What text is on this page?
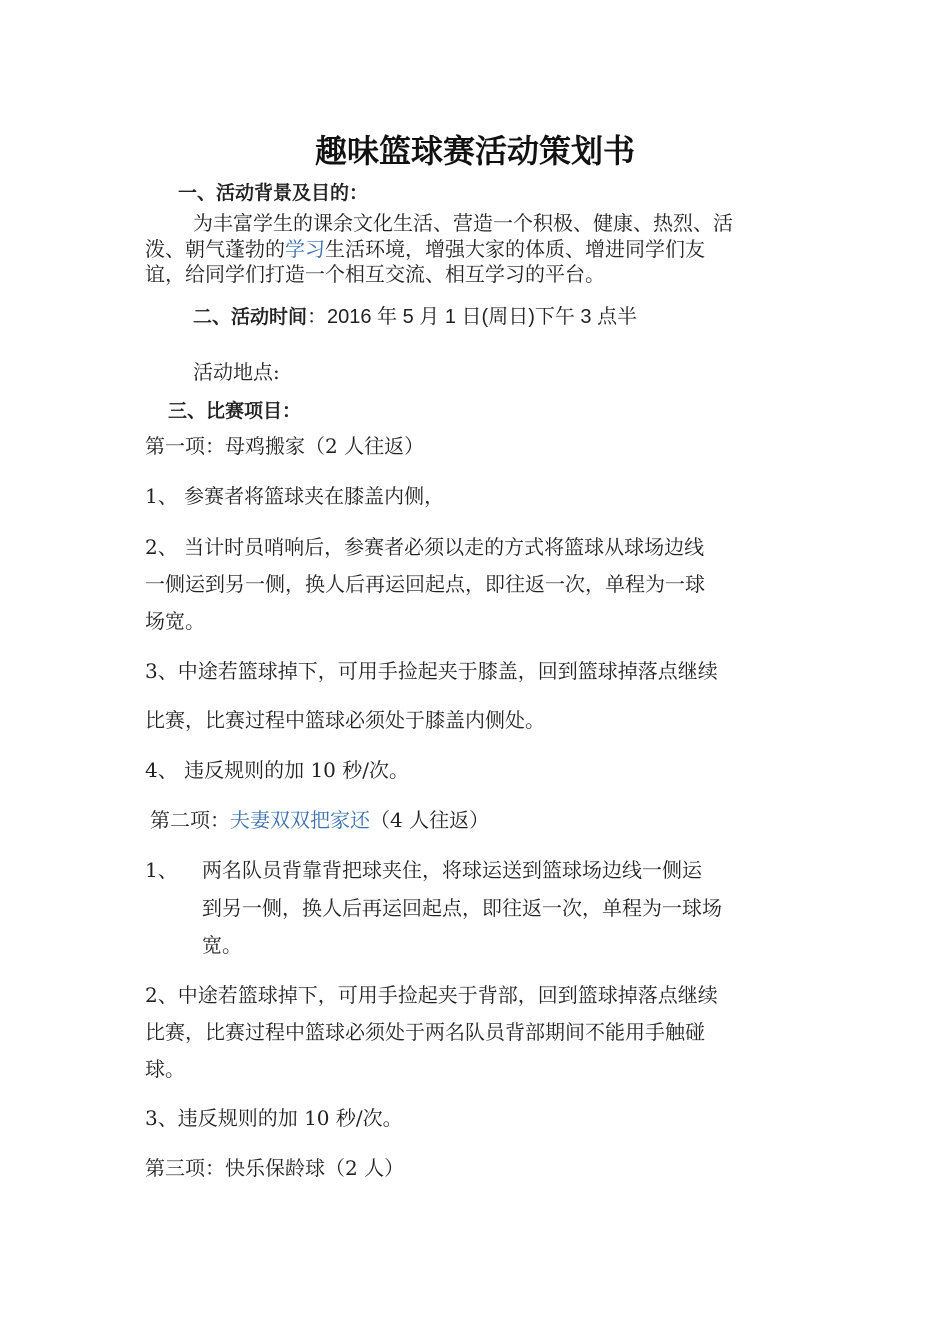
趣味篮球赛活动策划书
一、活动背景及目的：
为丰富学生的课余文化生活、营造一个积极、健康、热烈、活
泼、朝气蓬勃的学习生活环境，增强大家的体质、增进同学们友
谊，给同学们打造一个相互交流、相互学习的平台。
二、活动时间：2016 年 5 月 1 日(周日)下午 3 点半
活动地点:
三、比赛项目：
第一项：母鸡搬家（2 人往返）
1、 参赛者将篮球夹在膝盖内侧，
2、 当计时员哨响后，参赛者必须以走的方式将篮球从球场边线
一侧运到另一侧，换人后再运回起点，即往返一次，单程为一球
场宽。
3、中途若篮球掉下，可用手捡起夹于膝盖，回到篮球掉落点继续
比赛，比赛过程中篮球必须处于膝盖内侧处。
4、 违反规则的加 10 秒/次。
第二项：夫妻双双把家还（4 人往返）
1、 两名队员背靠背把球夹住，将球运送到篮球场边线一侧运
到另一侧，换人后再运回起点，即往返一次，单程为一球场
宽。
2、中途若篮球掉下，可用手捡起夹于背部，回到篮球掉落点继续
比赛，比赛过程中篮球必须处于两名队员背部期间不能用手触碰
球。
3、违反规则的加 10 秒/次。
第三项：快乐保龄球（2 人）
